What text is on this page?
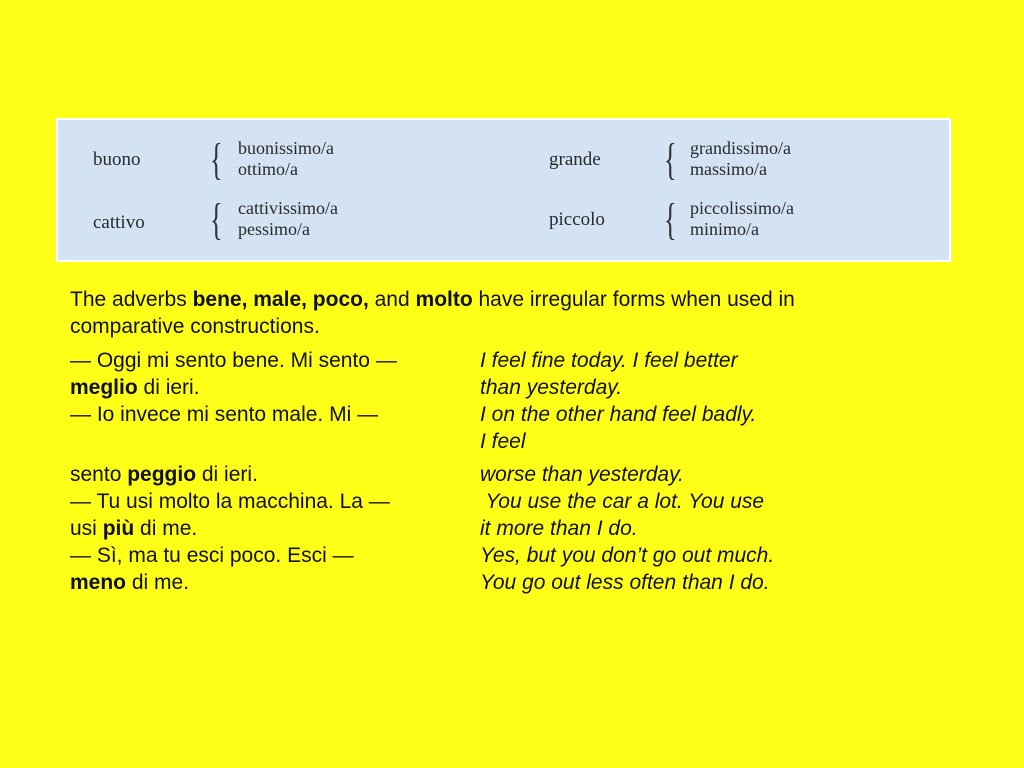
buono { buonissimo/a
ottimo/a	grande { grandissimo/a
massimo/a
cattivo { cattivissimo/a
pessimo/a	piccolo { piccolissimo/a
minimo/a
The adverbs bene, male, poco, and molto have irregular forms when used in
comparative constructions.
— Oggi mi sento bene. Mi sento —
meglio di ieri.
— Io invece mi sento male. Mi —

I feel fine today. I feel better
than yesterday.
I on the other hand feel badly.
I feel
sento peggio di ieri.
— Tu usi molto la macchina. La —
usi più di me.
— Sì, ma tu esci poco. Esci —
meno di me.
worse than yesterday.
You use the car a lot. You use
it more than I do.
Yes, but you don’t go out much.
You go out less often than I do.
